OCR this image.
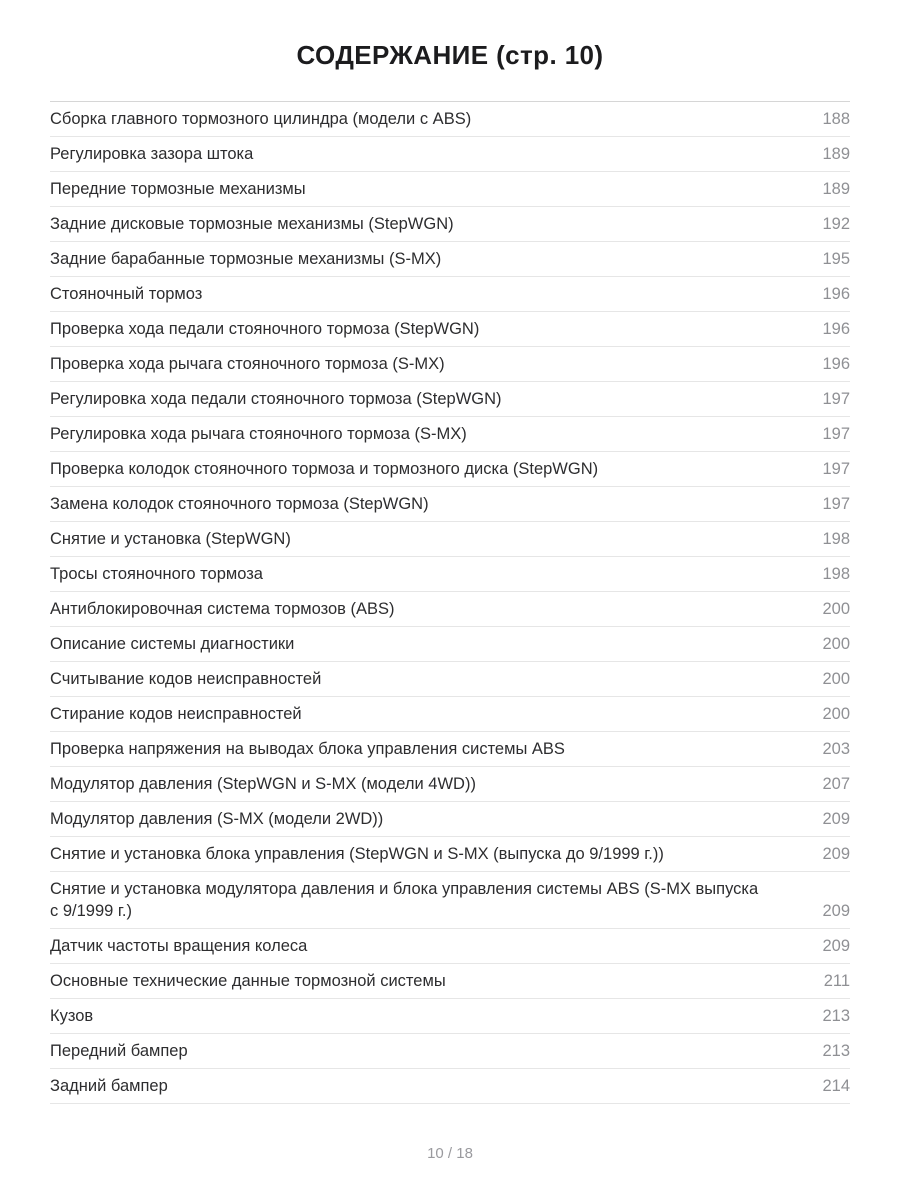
СОДЕРЖАНИЕ (стр. 10)
Сборка главного тормозного цилиндра (модели с ABS)	188
Регулировка зазора штока	189
Передние тормозные механизмы	189
Задние дисковые тормозные механизмы (StepWGN)	192
Задние барабанные тормозные механизмы (S-MX)	195
Стояночный тормоз	196
Проверка хода педали стояночного тормоза (StepWGN)	196
Проверка хода рычага стояночного тормоза (S-MX)	196
Регулировка хода педали стояночного тормоза (StepWGN)	197
Регулировка хода рычага стояночного тормоза (S-MX)	197
Проверка колодок стояночного тормоза и тормозного диска (StepWGN)	197
Замена колодок стояночного тормоза (StepWGN)	197
Снятие и установка (StepWGN)	198
Тросы стояночного тормоза	198
Антиблокировочная система тормозов (ABS)	200
Описание системы диагностики	200
Считывание кодов неисправностей	200
Стирание кодов неисправностей	200
Проверка напряжения на выводах блока управления системы ABS	203
Модулятор давления (StepWGN и S-MX (модели 4WD))	207
Модулятор давления (S-MX (модели 2WD))	209
Снятие и установка блока управления (StepWGN и S-MX (выпуска до 9/1999 г.))	209
Снятие и установка модулятора давления и блока управления системы ABS (S-MX выпуска с 9/1999 г.)	209
Датчик частоты вращения колеса	209
Основные технические данные тормозной системы	211
Кузов	213
Передний бампер	213
Задний бампер	214
10 / 18
